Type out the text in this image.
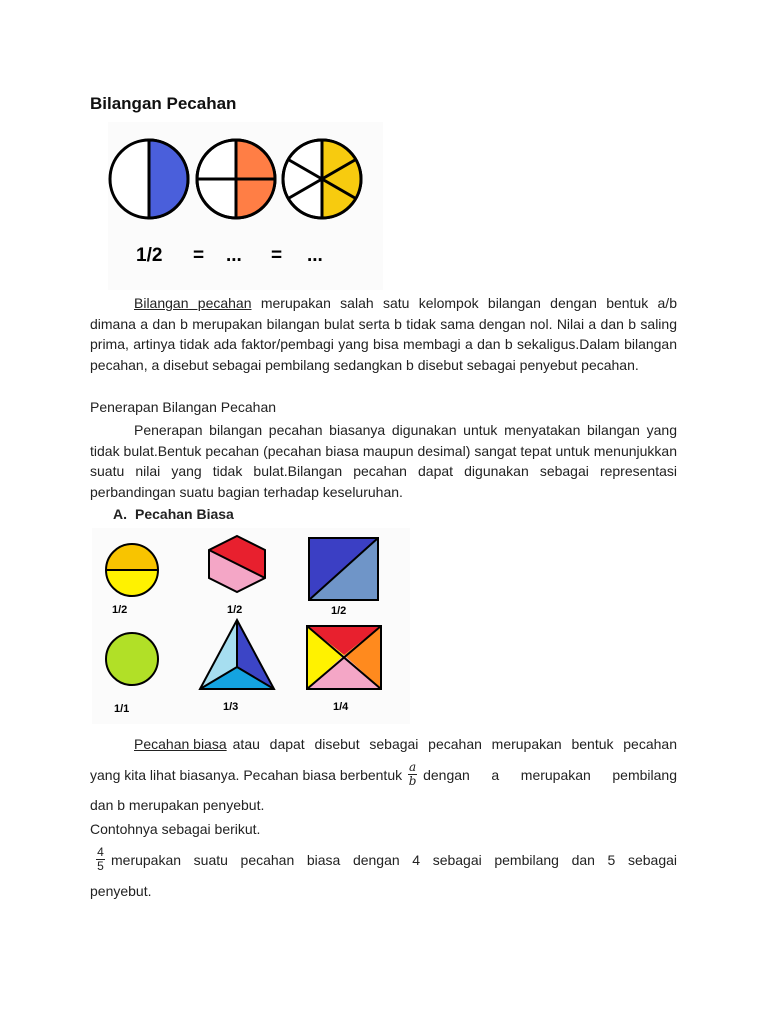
Bilangan Pecahan
1/2 = ... = ...

Bilangan pecahan merupakan salah satu kelompok bilangan dengan bentuk a/b dimana a dan b merupakan bilangan bulat serta b tidak sama dengan nol. Nilai a dan b saling prima, artinya tidak ada faktor/pembagi yang bisa membagi a dan b sekaligus.Dalam bilangan pecahan, a disebut sebagai pembilang sedangkan b disebut sebagai penyebut pecahan.

Penerapan Bilangan Pecahan

Penerapan bilangan pecahan biasanya digunakan untuk menyatakan bilangan yang tidak bulat.Bentuk pecahan (pecahan biasa maupun desimal) sangat tepat untuk menunjukkan suatu nilai yang tidak bulat.Bilangan pecahan dapat digunakan sebagai representasi perbandingan suatu bagian terhadap keseluruhan.

A. Pecahan Biasa
1/2	1/2	1/2
1/1	1/3	1/4
Pecahan biasa atau dapat disebut sebagai pecahan merupakan bentuk pecahan
yang kita lihat biasanya. Pecahan biasa berbentuk $\frac{a}{b}$ dengan a merupakan pembilang
dan b merupakan penyebut.
Contohnya sebagai berikut.
$\frac{4}{5}$ merupakan suatu pecahan biasa dengan 4 sebagai pembilang dan 5 sebagai
penyebut.
